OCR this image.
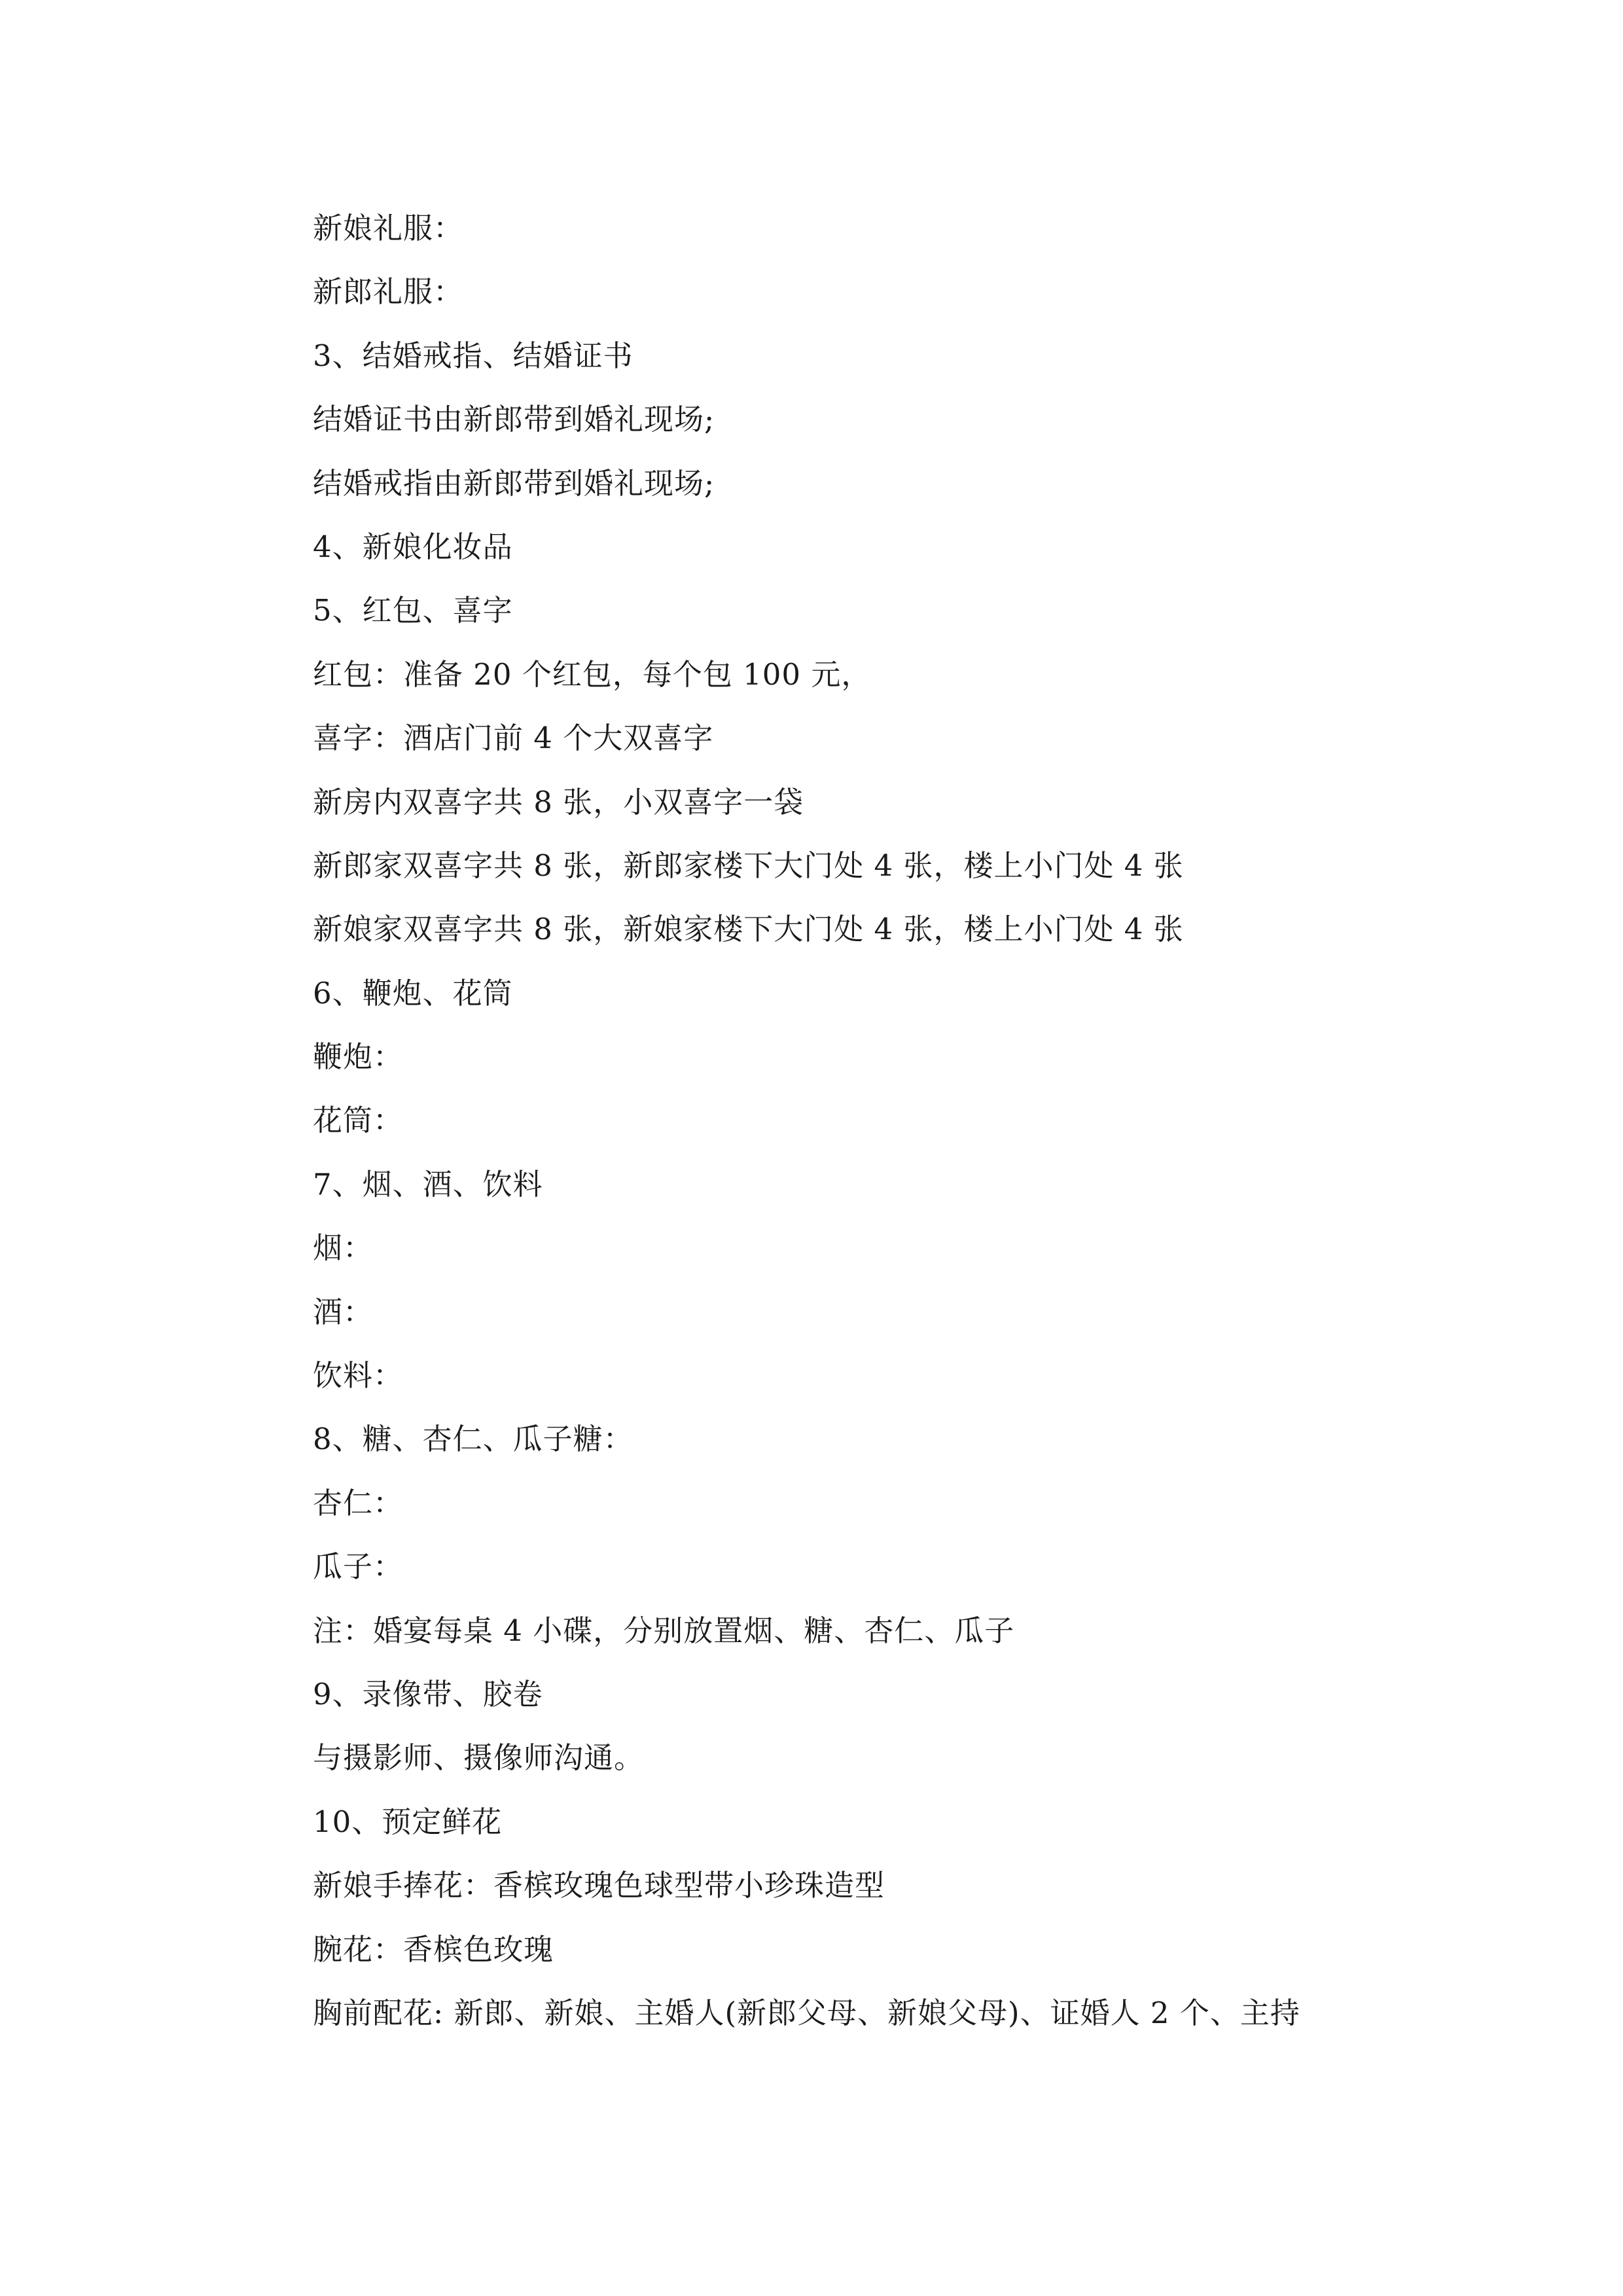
新娘礼服：
新郎礼服：
3、结婚戒指、结婚证书
结婚证书由新郎带到婚礼现场;
结婚戒指由新郎带到婚礼现场;
4、新娘化妆品
5、红包、喜字
红包：准备 20 个红包，每个包 100 元，
喜字：酒店门前 4 个大双喜字
新房内双喜字共 8 张，小双喜字一袋
新郎家双喜字共 8 张，新郎家楼下大门处 4 张，楼上小门处 4 张
新娘家双喜字共 8 张，新娘家楼下大门处 4 张，楼上小门处 4 张
6、鞭炮、花筒
鞭炮：
花筒：
7、烟、酒、饮料
烟：
酒：
饮料：
8、糖、杏仁、瓜子糖：
杏仁：
瓜子：
注：婚宴每桌 4 小碟，分别放置烟、糖、杏仁、瓜子
9、录像带、胶卷
与摄影师、摄像师沟通。
10、预定鲜花
新娘手捧花：香槟玫瑰色球型带小珍珠造型
腕花：香槟色玫瑰
胸前配花: 新郎、新娘、主婚人(新郎父母、新娘父母)、证婚人 2 个、主持
